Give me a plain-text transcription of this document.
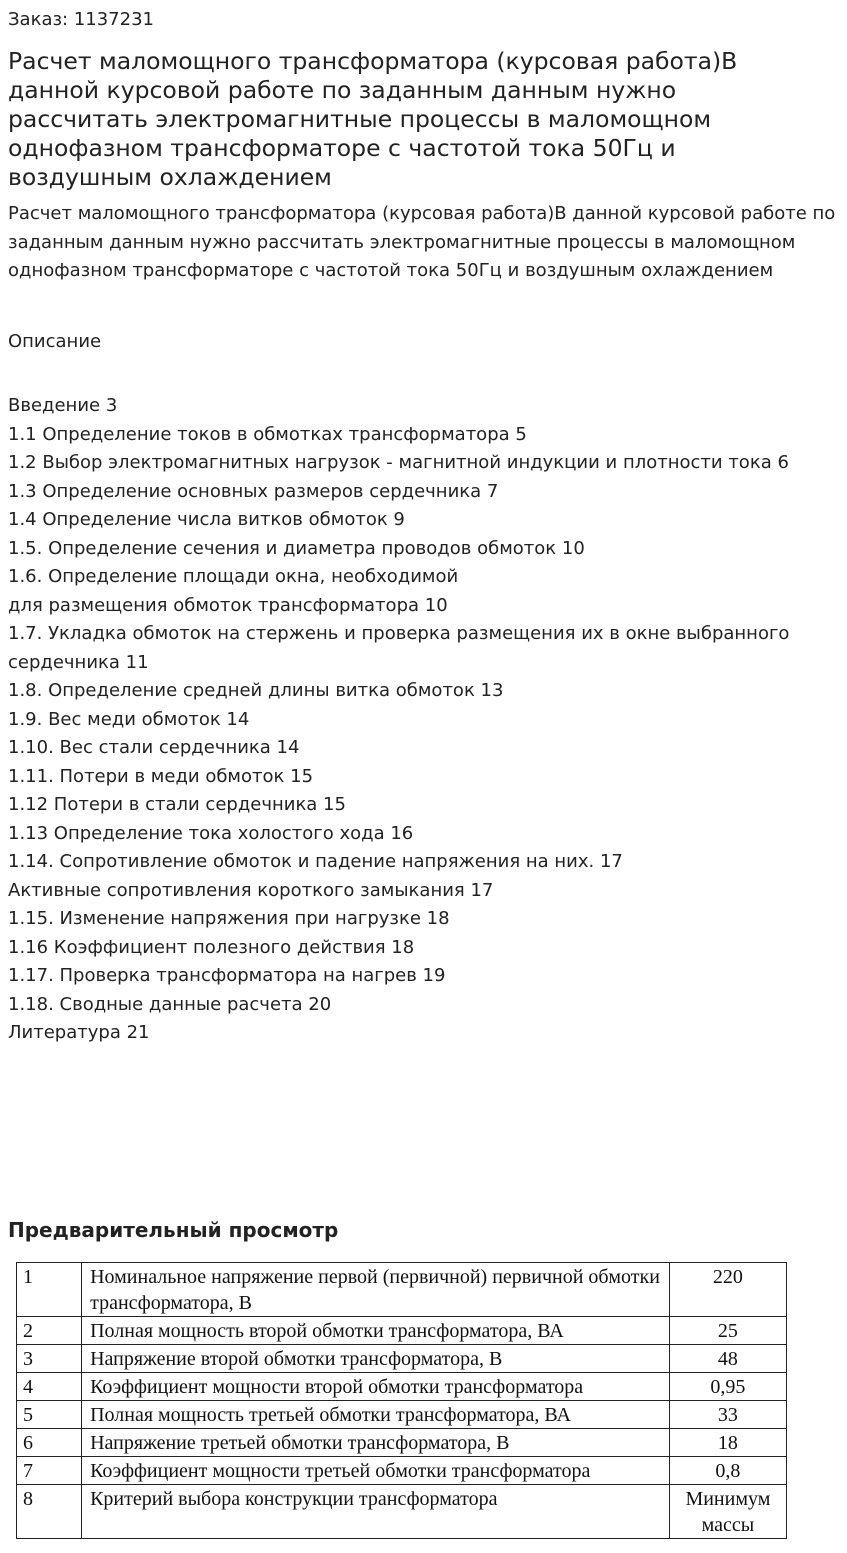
Заказ: 1137231
Расчет маломощного трансформатора (курсовая работа)В данной курсовой работе по заданным данным нужно рассчитать электромагнитные процессы в маломощном однофазном трансформаторе с частотой тока 50Гц и воздушным охлаждением
Расчет маломощного трансформатора (курсовая работа)В данной курсовой работе по заданным данным нужно рассчитать электромагнитные процессы в маломощном однофазном трансформаторе с частотой тока 50Гц и воздушным охлаждением
Описание
Введение 3
1.1 Определение токов в обмотках трансформатора 5
1.2 Выбор электромагнитных нагрузок - магнитной индукции и плотности тока 6
1.3 Определение основных размеров сердечника 7
1.4 Определение числа витков обмоток 9
1.5. Определение сечения и диаметра проводов обмоток 10
1.6. Определение площади окна, необходимой
для размещения обмоток трансформатора 10
1.7. Укладка обмоток на стержень и проверка размещения их в окне выбранного
сердечника 11
1.8. Определение средней длины витка обмоток 13
1.9. Вес меди обмоток 14
1.10. Вес стали сердечника 14
1.11. Потери в меди обмоток 15
1.12 Потери в стали сердечника 15
1.13 Определение тока холостого хода 16
1.14. Сопротивление обмоток и падение напряжения на них. 17
Активные сопротивления короткого замыкания 17
1.15. Изменение напряжения при нагрузке 18
1.16 Коэффициент полезного действия 18
1.17. Проверка трансформатора на нагрев 19
1.18. Сводные данные расчета 20
Литература 21
Предварительный просмотр
1	Номинальное напряжение первой (первичной) первичной обмотки трансформатора, В	220
2	Полная мощность второй обмотки трансформатора, ВА	25
3	Напряжение второй обмотки трансформатора, В	48
4	Коэффициент мощности второй обмотки трансформатора	0,95
5	Полная мощность третьей обмотки трансформатора, ВА	33
6	Напряжение третьей обмотки трансформатора, В	18
7	Коэффициент мощности третьей обмотки трансформатора	0,8
8	Критерий выбора конструкции трансформатора	Минимум массы
